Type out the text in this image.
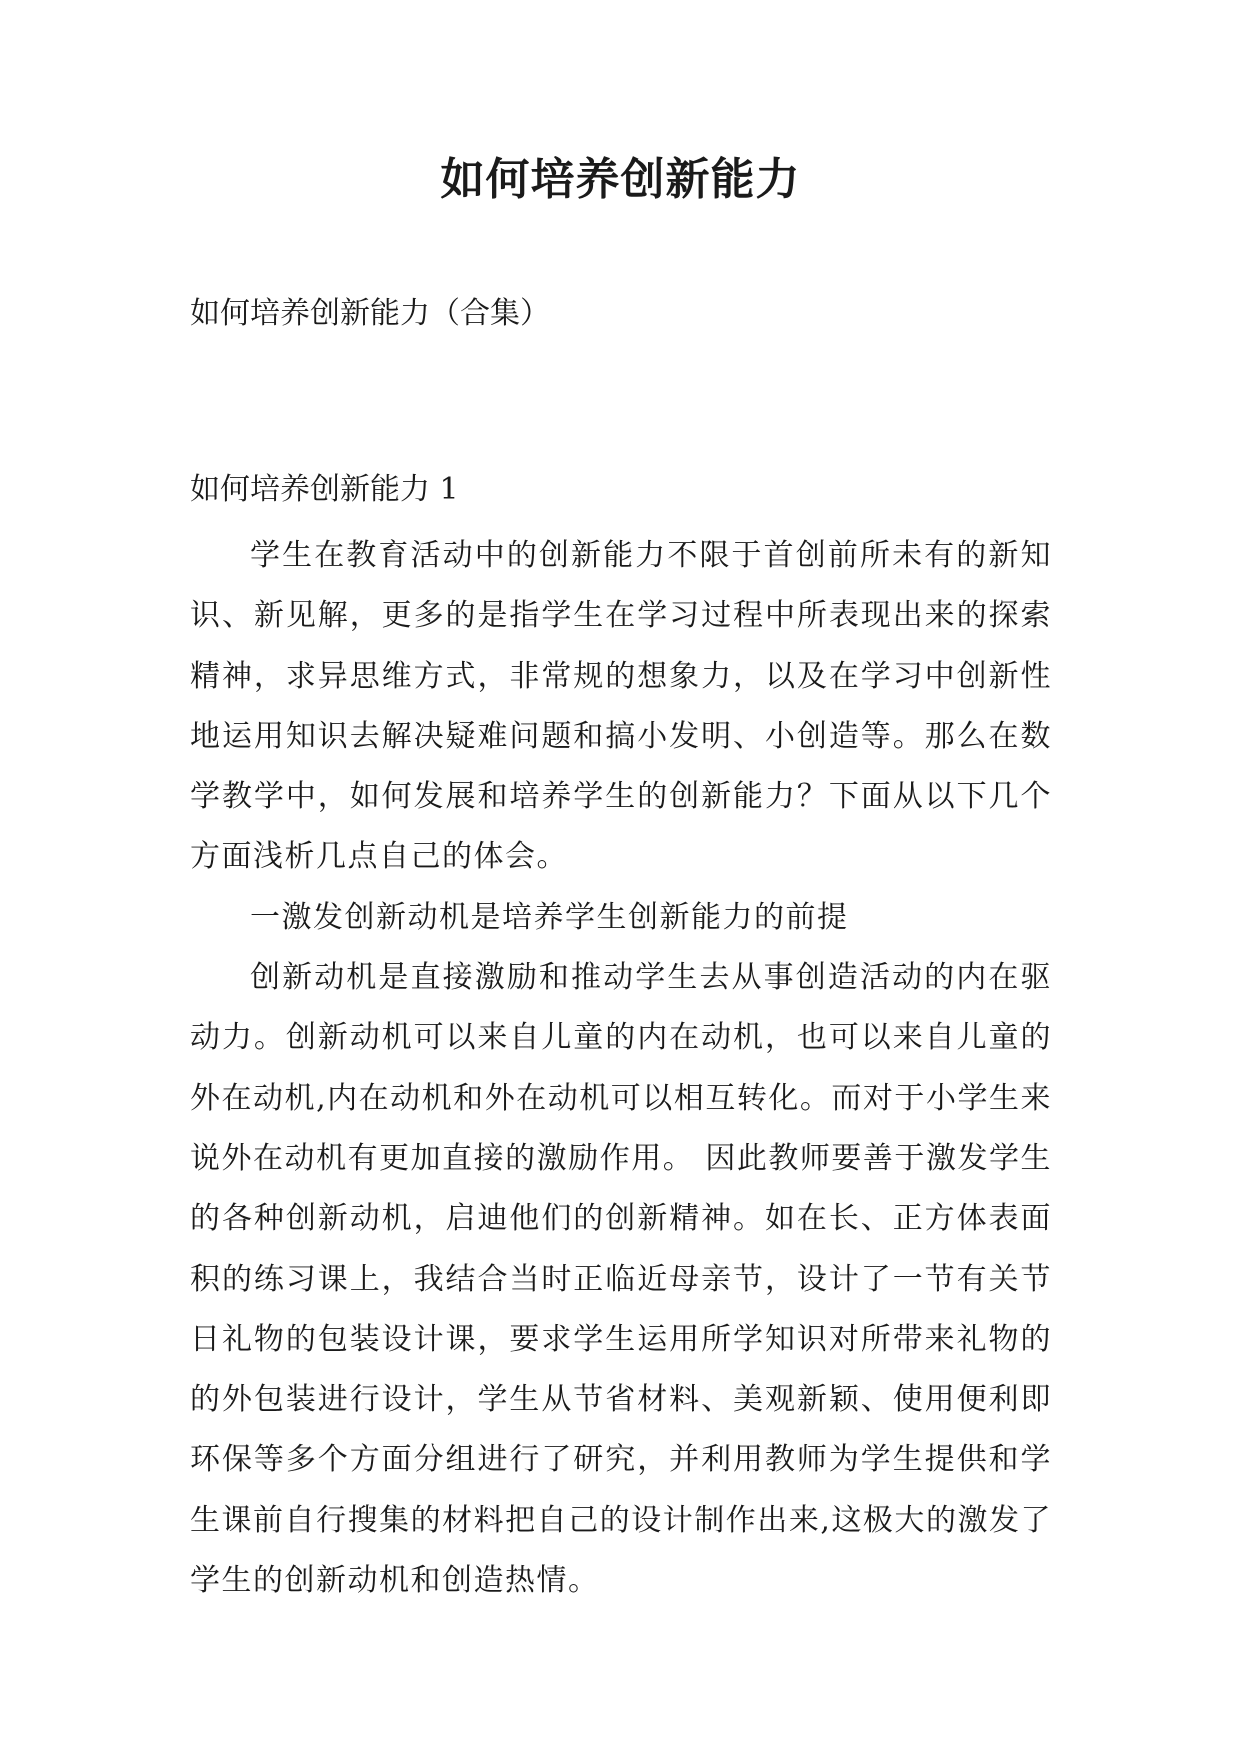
如何培养创新能力

如何培养创新能力（合集）

如何培养创新能力 1

学生在教育活动中的创新能力不限于首创前所未有的新知识、新见解，更多的是指学生在学习过程中所表现出来的探索精神，求异思维方式，非常规的想象力，以及在学习中创新性地运用知识去解决疑难问题和搞小发明、小创造等。那么在数学教学中，如何发展和培养学生的创新能力？下面从以下几个方面浅析几点自己的体会。

一激发创新动机是培养学生创新能力的前提

创新动机是直接激励和推动学生去从事创造活动的内在驱动力。创新动机可以来自儿童的内在动机，也可以来自儿童的外在动机,内在动机和外在动机可以相互转化。而对于小学生来说外在动机有更加直接的激励作用。 因此教师要善于激发学生的各种创新动机，启迪他们的创新精神。如在长、正方体表面积的练习课上，我结合当时正临近母亲节，设计了一节有关节日礼物的包装设计课，要求学生运用所学知识对所带来礼物的的外包装进行设计，学生从节省材料、美观新颖、使用便利即环保等多个方面分组进行了研究，并利用教师为学生提供和学生课前自行搜集的材料把自己的设计制作出来,这极大的激发了学生的创新动机和创造热情。
